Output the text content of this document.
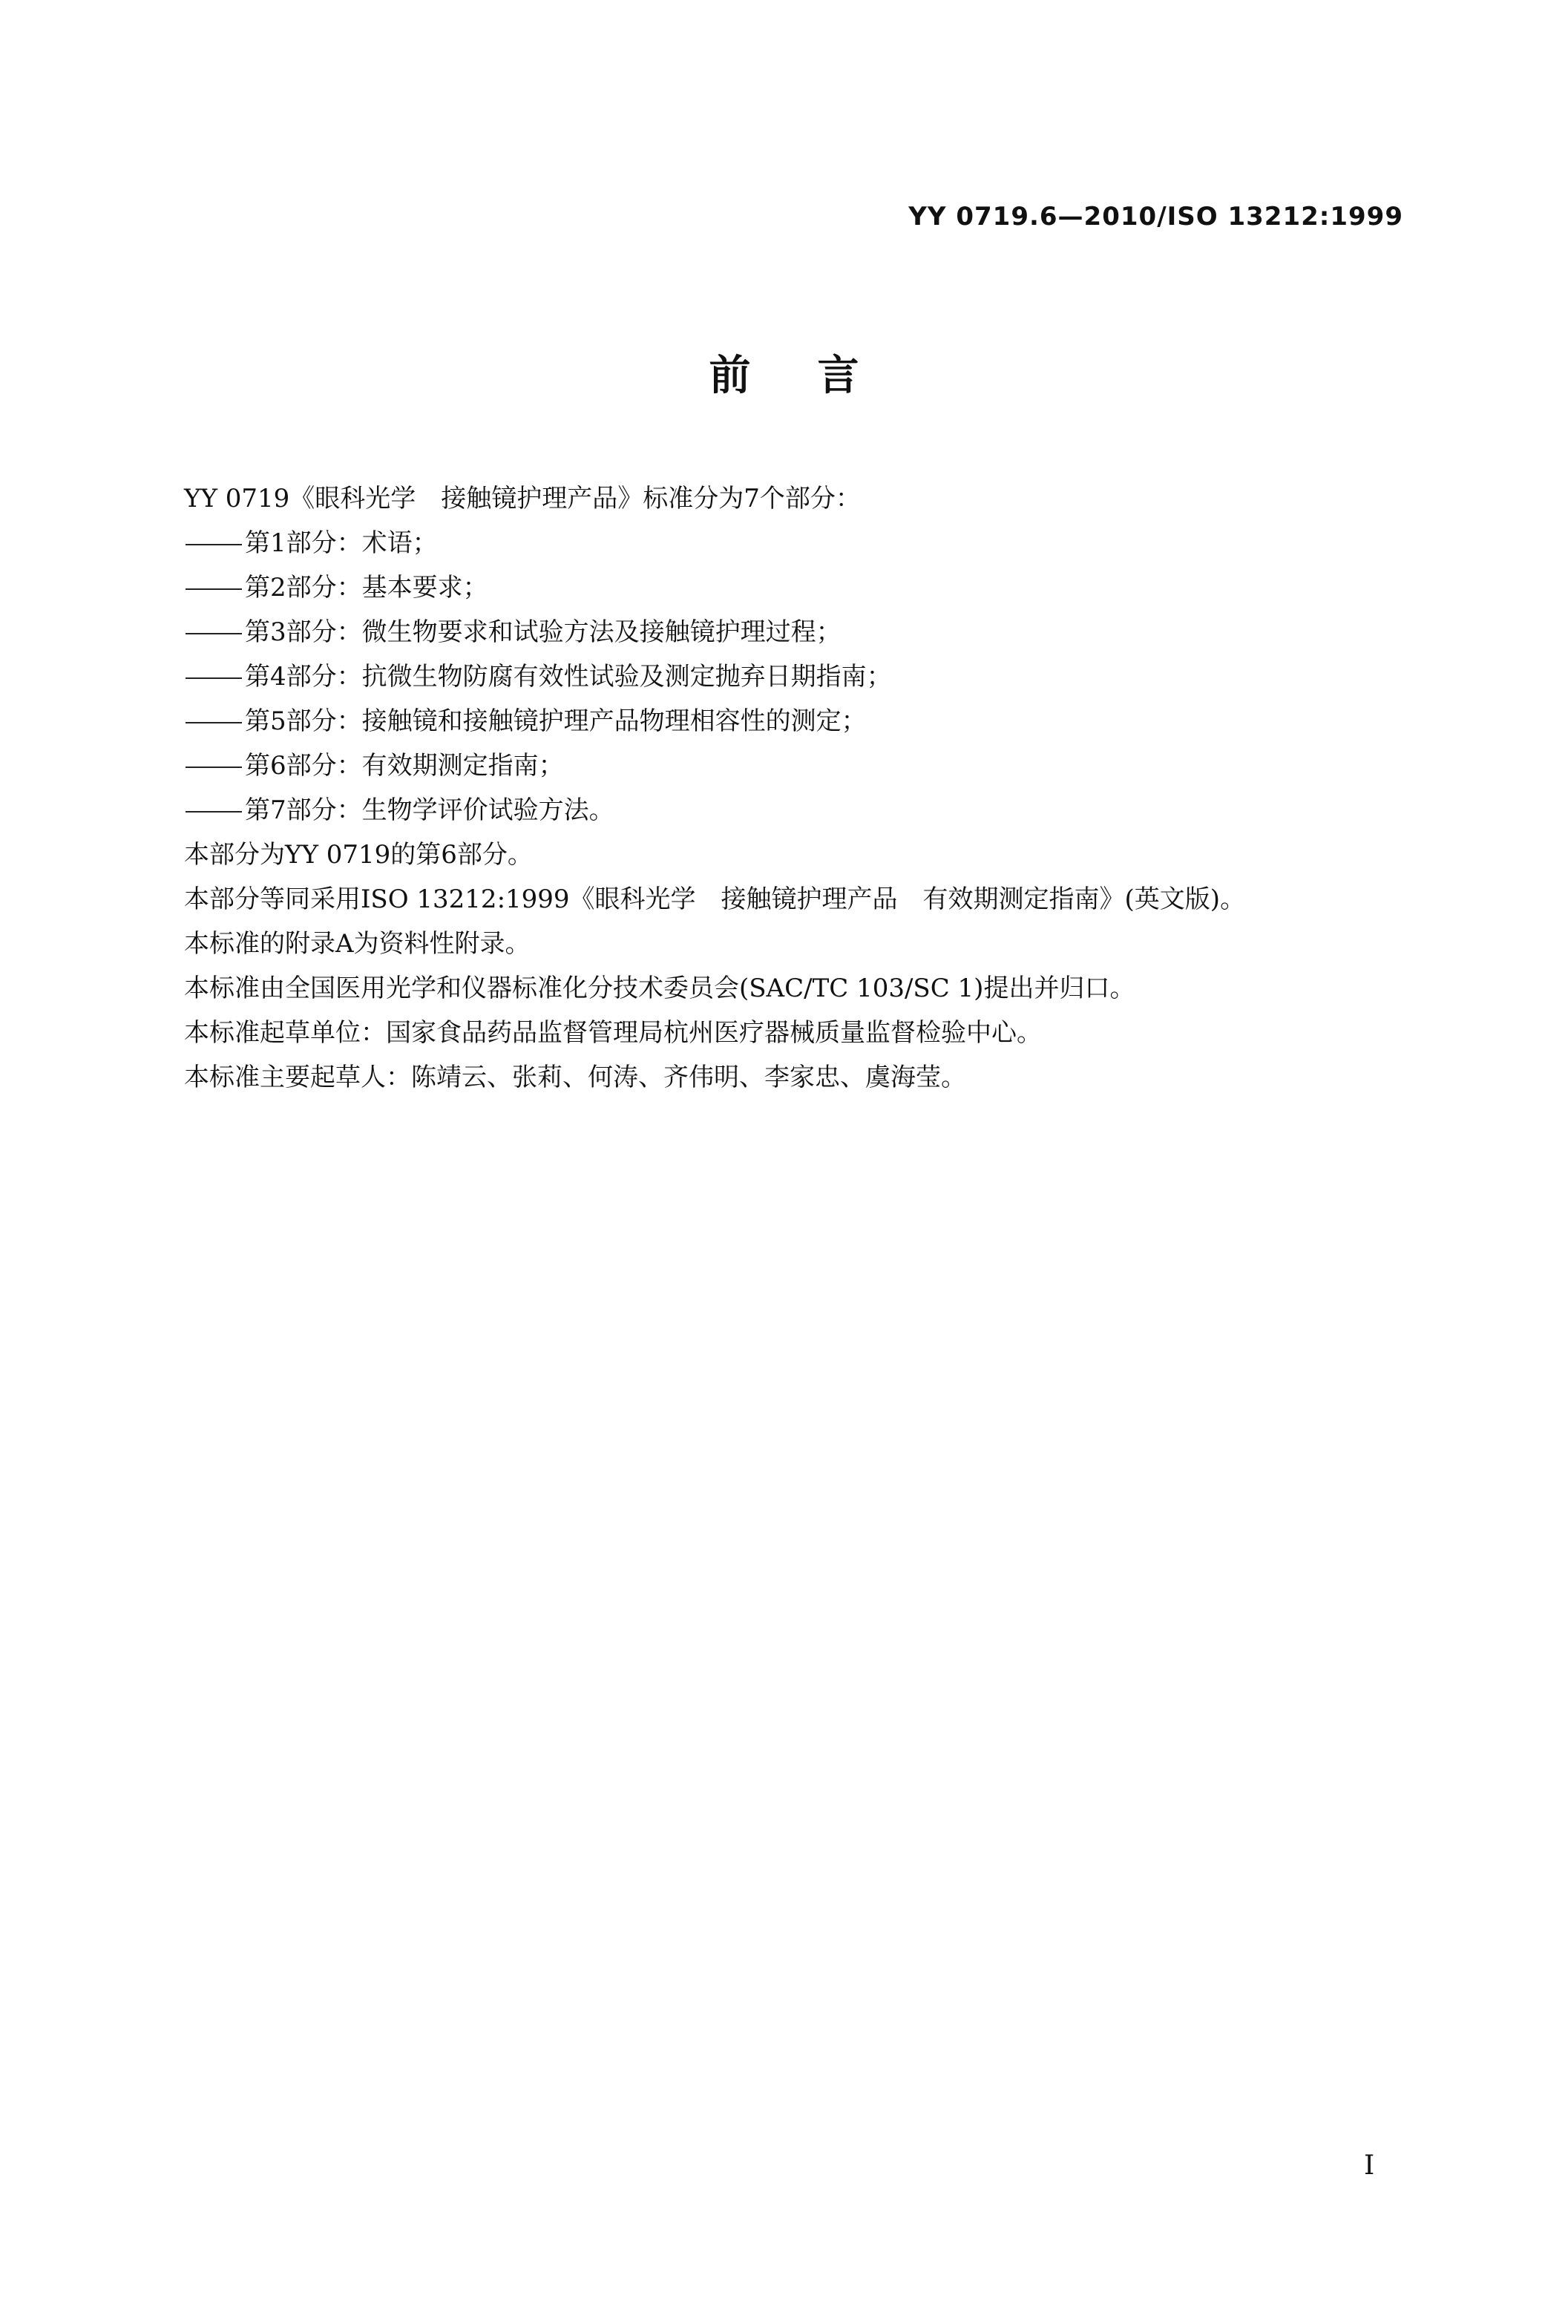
YY 0719.6—2010/ISO 13212:1999
前言
YY 0719《眼科光学　接触镜护理产品》标准分为7个部分：
第1部分：术语；
第2部分：基本要求；
第3部分：微生物要求和试验方法及接触镜护理过程；
第4部分：抗微生物防腐有效性试验及测定抛弃日期指南；
第5部分：接触镜和接触镜护理产品物理相容性的测定；
第6部分：有效期测定指南；
第7部分：生物学评价试验方法。
本部分为YY 0719的第6部分。
本部分等同采用ISO 13212:1999《眼科光学　接触镜护理产品　有效期测定指南》(英文版)。
本标准的附录A为资料性附录。
本标准由全国医用光学和仪器标准化分技术委员会(SAC/TC 103/SC 1)提出并归口。
本标准起草单位：国家食品药品监督管理局杭州医疗器械质量监督检验中心。
本标准主要起草人：陈靖云、张莉、何涛、齐伟明、李家忠、虞海莹。
I
